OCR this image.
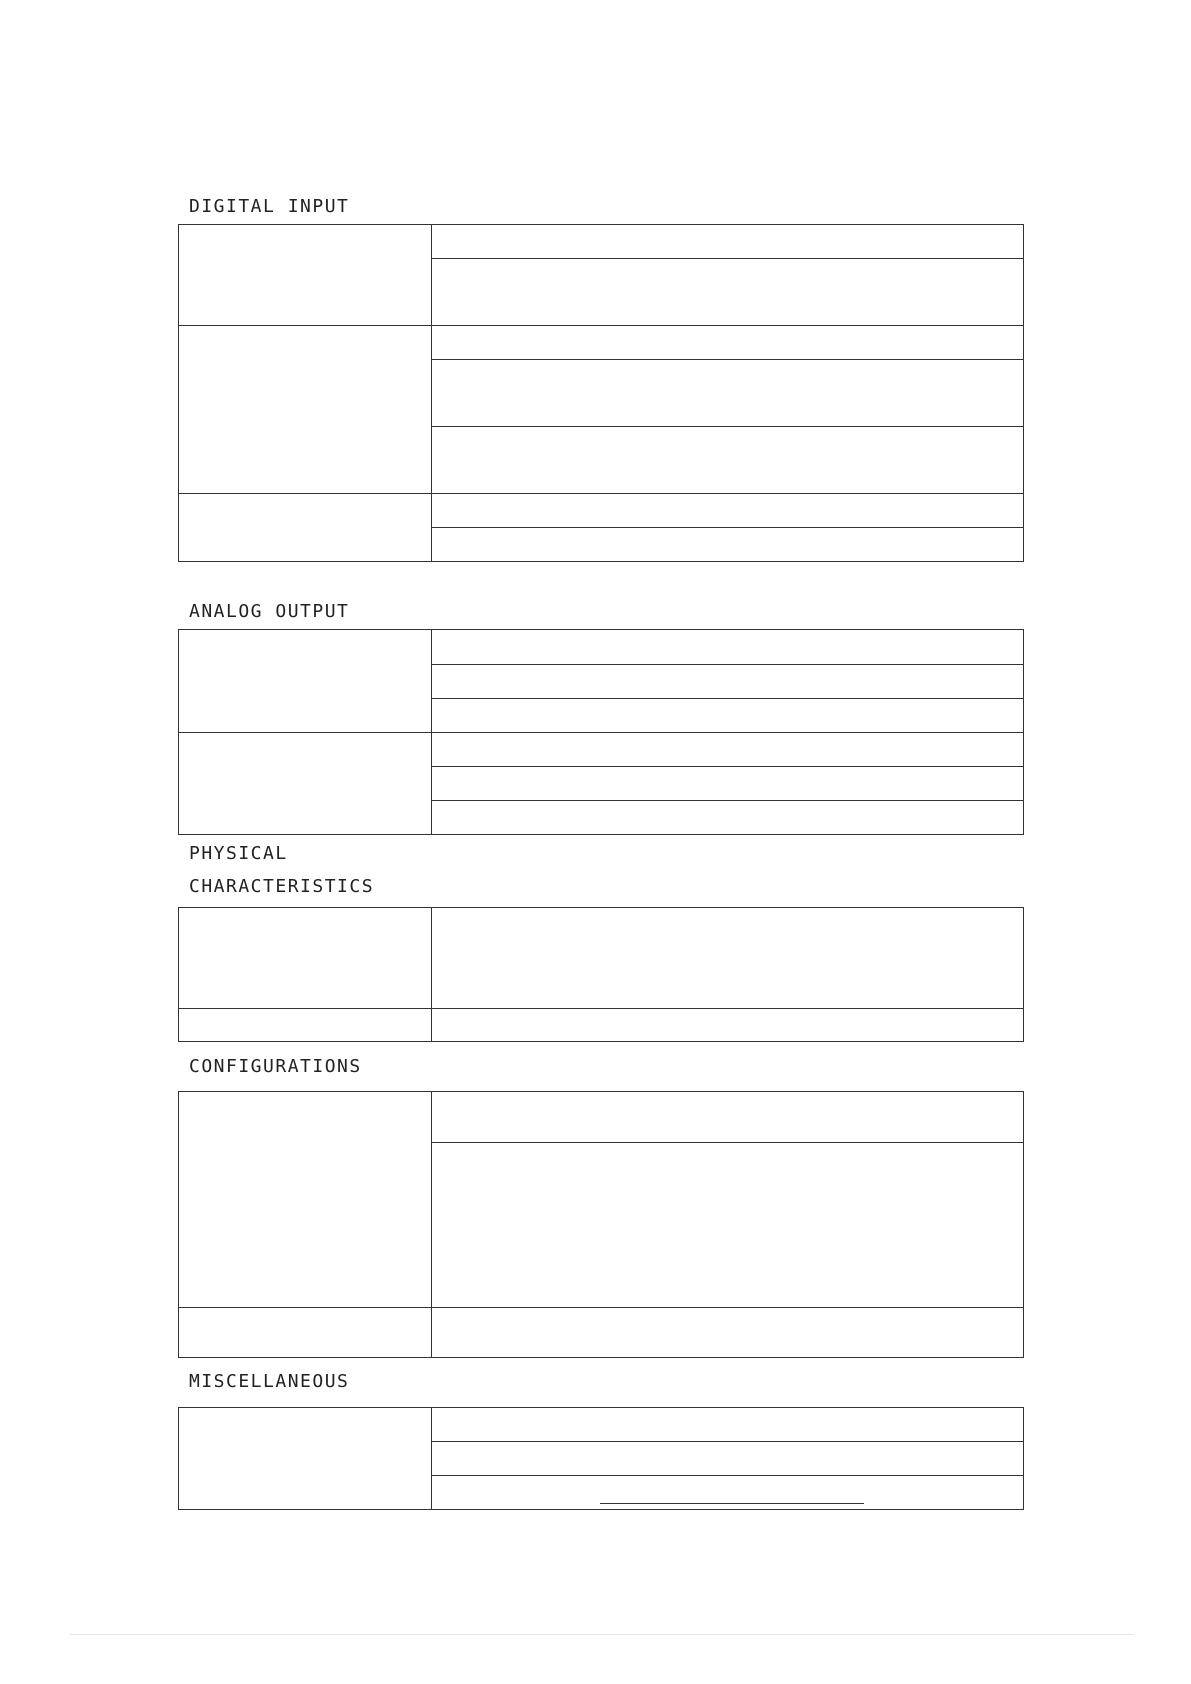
DIGITAL INPUT

ANALOG OUTPUT

PHYSICAL
CHARACTERISTICS

CONFIGURATIONS

MISCELLANEOUS
